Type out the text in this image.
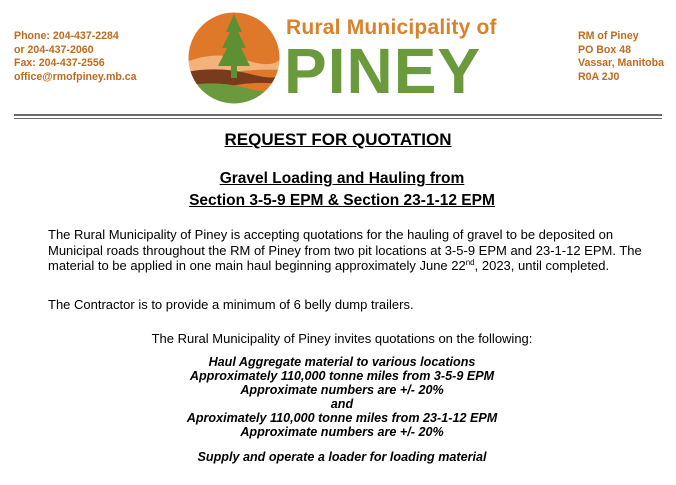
Phone: 204-437-2284
or 204-437-2060
Fax: 204-437-2556
office@rmofpiney.mb.ca
Rural Municipality of
PINEY	RM of Piney
PO Box 48
Vassar, Manitoba
R0A 2J0
REQUEST FOR QUOTATION
Gravel Loading and Hauling from
Section 3-5-9 EPM & Section 23-1-12 EPM
The Rural Municipality of Piney is accepting quotations for the hauling of gravel to be deposited on Municipal roads throughout the RM of Piney from two pit locations at 3-5-9 EPM and 23-1-12 EPM. The material to be applied in one main haul beginning approximately June 22nd, 2023, until completed.
The Contractor is to provide a minimum of 6 belly dump trailers.
The Rural Municipality of Piney invites quotations on the following:
Haul Aggregate material to various locations
Approximately 110,000 tonne miles from 3-5-9 EPM
Approximate numbers are +/- 20%
and
Aproximately 110,000 tonne miles from 23-1-12 EPM
Approximate numbers are +/- 20%
Supply and operate a loader for loading material
